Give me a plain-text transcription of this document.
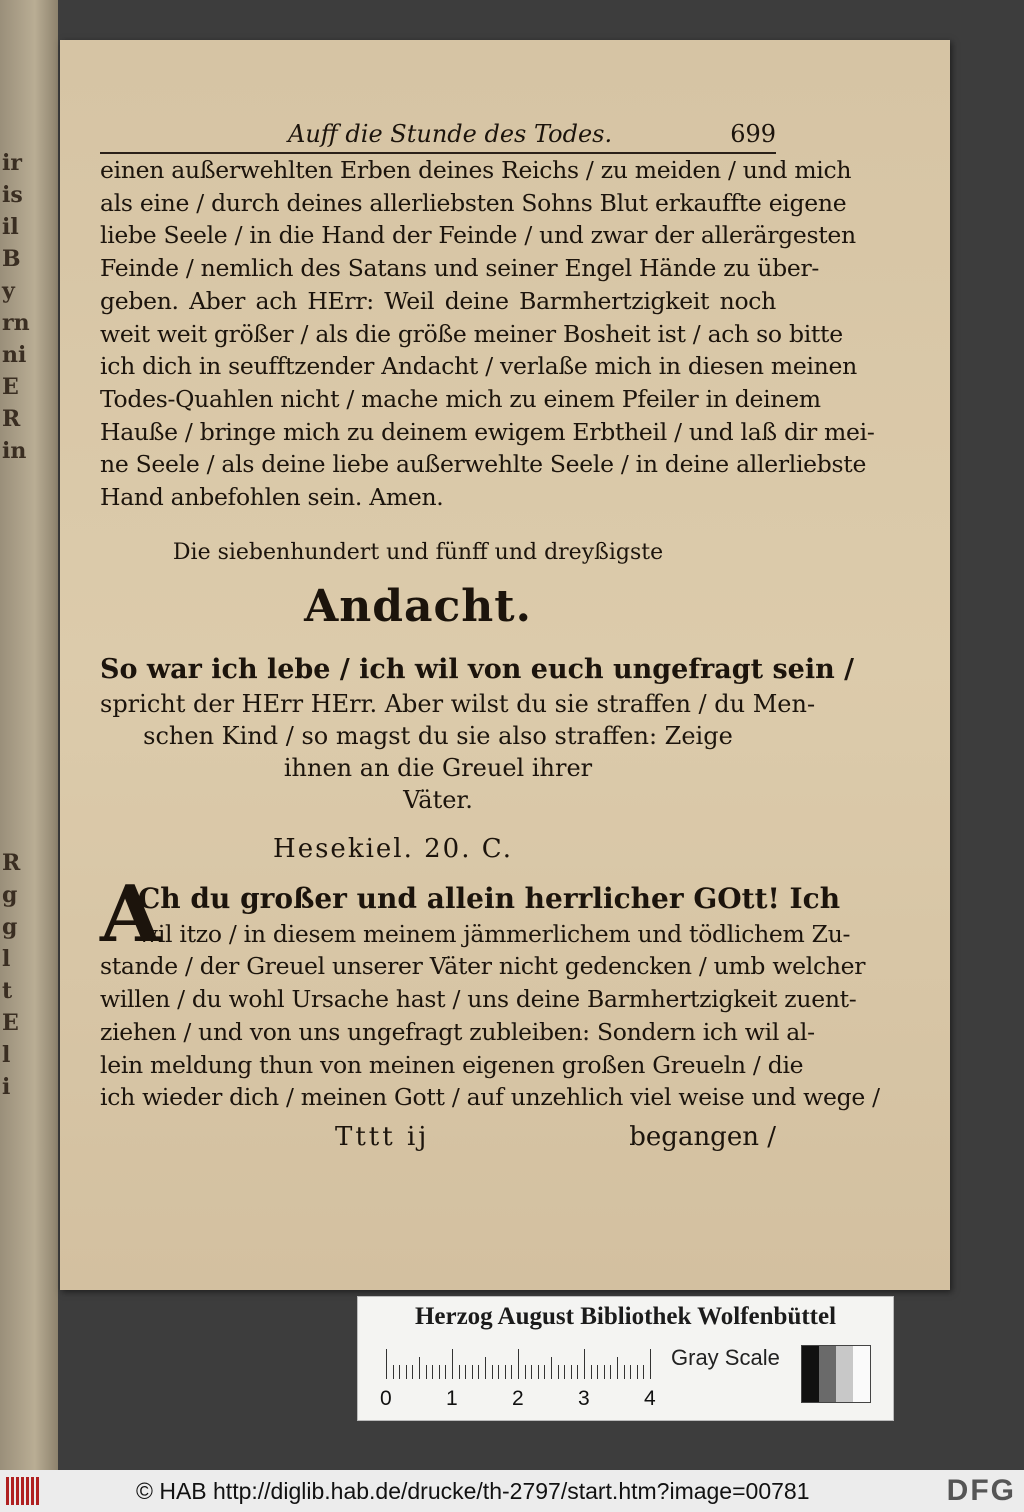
ir
is
il
B
y
rn
ni
E
R
in
R
g
g
l
t
E
l
i
Auff die Stunde des Todes.	699
einen außerwehlten Erben deines Reichs / zu meiden / und mich
als eine / durch deines allerliebsten Sohns Blut erkauffte eigene
liebe Seele / in die Hand der Feinde / und zwar der allerärgesten
Feinde / nemlich des Satans und seiner Engel Hände zu über-
geben. Aber ach HErr: Weil deine Barmhertzigkeit noch
weit weit größer / als die größe meiner Bosheit ist / ach so bitte
ich dich in seufftzender Andacht / verlaße mich in diesen meinen
Todes-Quahlen nicht / mache mich zu einem Pfeiler in deinem
Hauße / bringe mich zu deinem ewigem Erbtheil / und laß dir mei-
ne Seele / als deine liebe außerwehlte Seele / in deine allerliebste
Hand anbefohlen sein. Amen.
Die siebenhundert und fünff und dreyßigste
Andacht.
So war ich lebe / ich wil von euch ungefragt sein /
spricht der HErr HErr. Aber wilst du sie straffen / du Men-
schen Kind / so magst du sie also straffen: Zeige
ihnen an die Greuel ihrer
Väter.
Hesekiel. 20. C.
A
Ch du großer und allein herrlicher GOtt! Ich
wil itzo / in diesem meinem jämmerlichem und tödlichem Zu-
stande / der Greuel unserer Väter nicht gedencken / umb welcher
willen / du wohl Ursache hast / uns deine Barmhertzigkeit zuent-
ziehen / und von uns ungefragt zubleiben: Sondern ich wil al-
lein meldung thun von meinen eigenen großen Greueln / die
ich wieder dich / meinen Gott / auf unzehlich viel weise und wege /
Tttt ij	begangen /
Herzog August Bibliothek Wolfenbüttel
0	1	2	3	4
Gray Scale
© HAB http://diglib.hab.de/drucke/th-2797/start.htm?image=00781	DFG
